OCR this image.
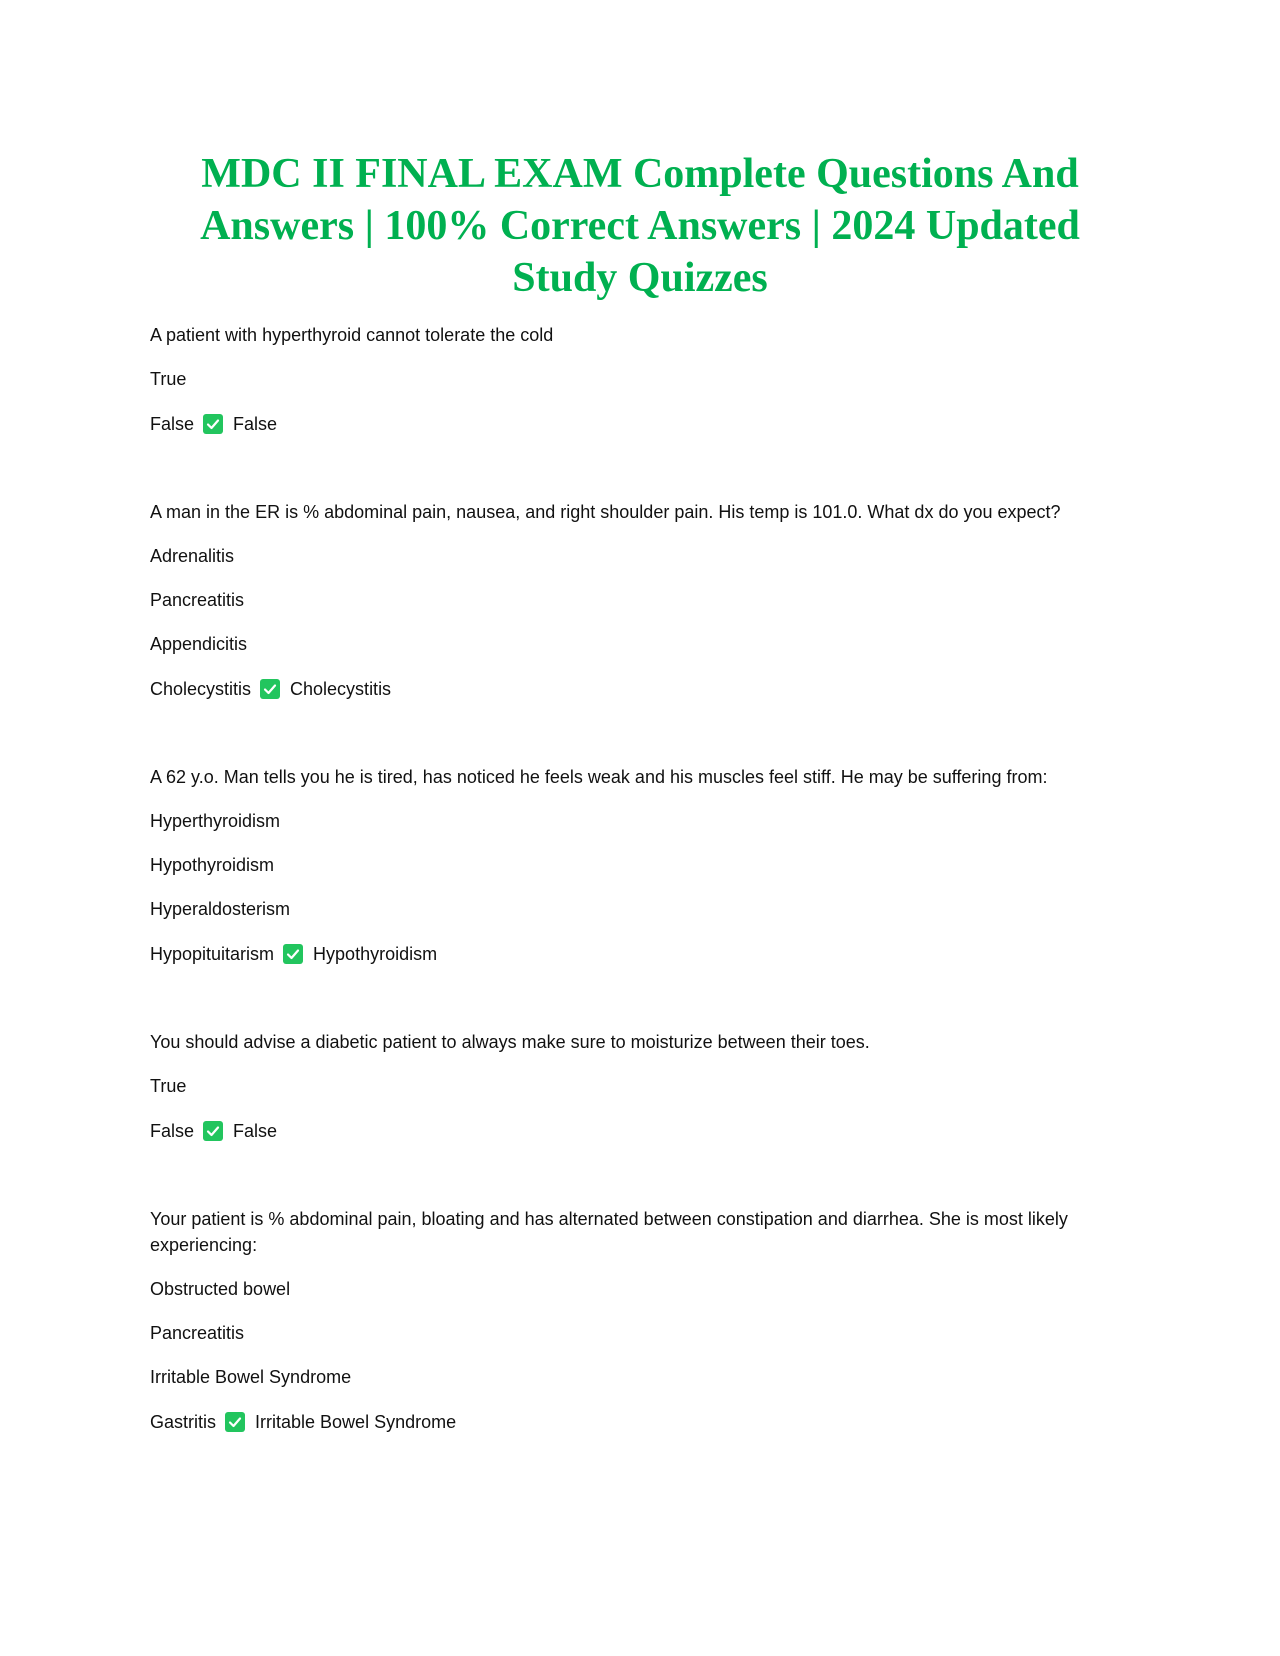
MDC II FINAL EXAM Complete Questions And Answers | 100% Correct Answers | 2024 Updated Study Quizzes
A patient with hyperthyroid cannot tolerate the cold
True
False False
A man in the ER is % abdominal pain, nausea, and right shoulder pain. His temp is 101.0. What dx do you expect?
Adrenalitis
Pancreatitis
Appendicitis
Cholecystitis Cholecystitis
A 62 y.o. Man tells you he is tired, has noticed he feels weak and his muscles feel stiff. He may be suffering from:
Hyperthyroidism
Hypothyroidism
Hyperaldosterism
Hypopituitarism Hypothyroidism
You should advise a diabetic patient to always make sure to moisturize between their toes.
True
False False
Your patient is % abdominal pain, bloating and has alternated between constipation and diarrhea. She is most likely experiencing:
Obstructed bowel
Pancreatitis
Irritable Bowel Syndrome
Gastritis Irritable Bowel Syndrome
